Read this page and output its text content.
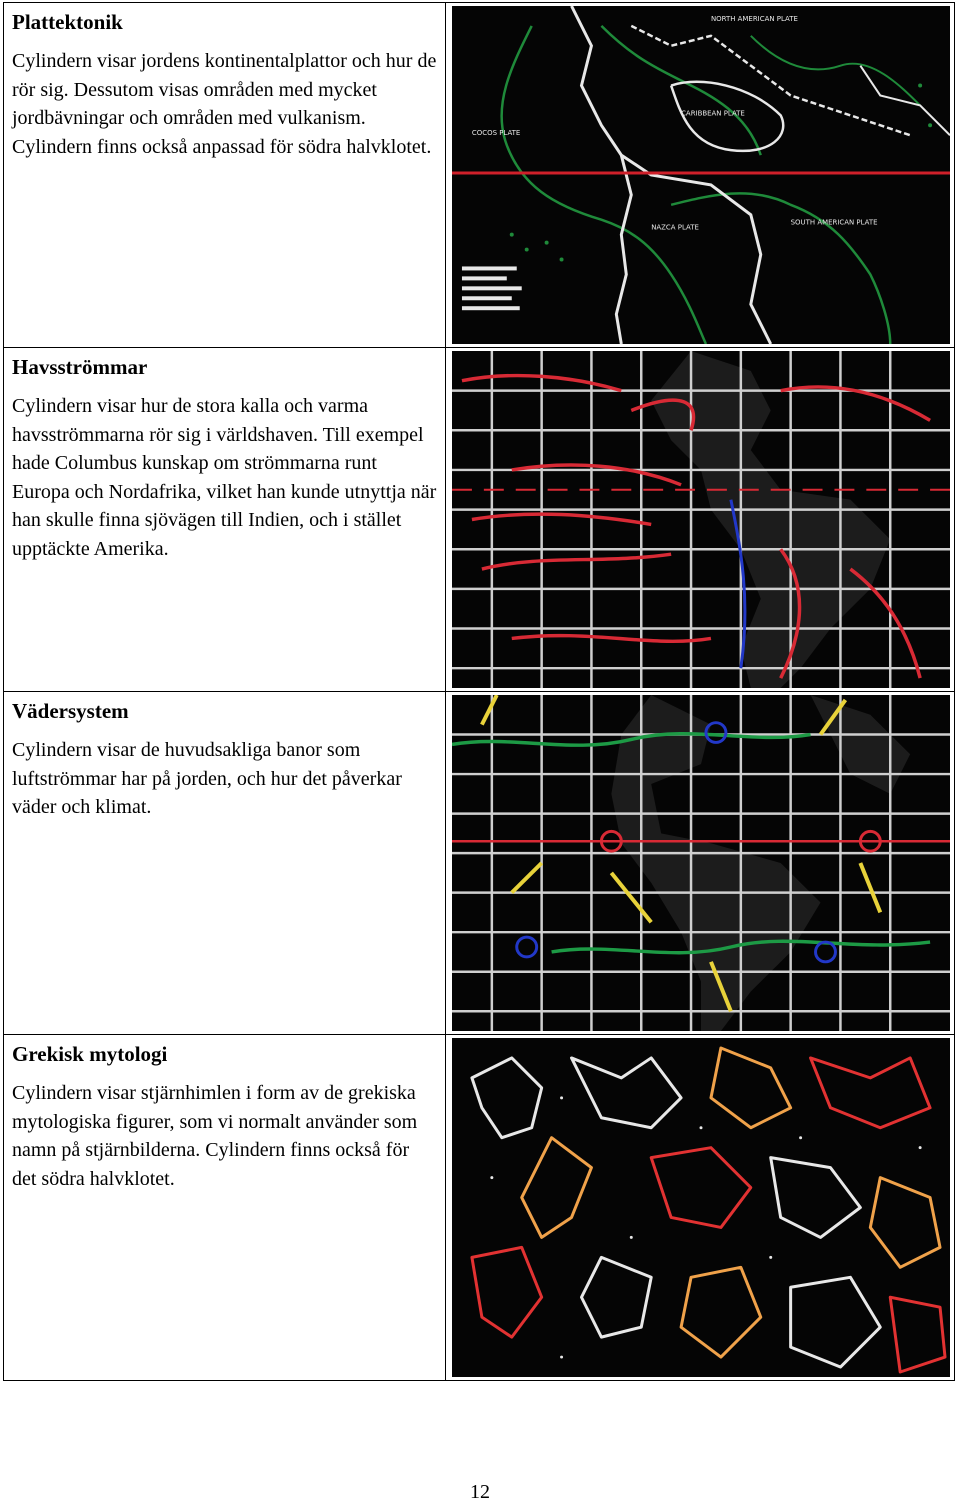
Plattektonik

Cylindern visar jordens kontinentalplattor och hur de rör sig. Dessutom visas områden med mycket jordbävningar och områden med vulkanism. Cylindern finns också anpassad för södra halvklotet.

NORTH AMERICAN PLATE
CARIBBEAN PLATE
COCOS PLATE
NAZCA PLATE
SOUTH AMERICAN PLATE
Havsströmmar

Cylindern visar hur de stora kalla och varma havsströmmarna rör sig i världshaven. Till exempel hade Columbus kunskap om strömmarna runt Europa och Nordafrika, vilket han kunde utnyttja när han skulle finna sjövägen till Indien, och i stället upptäckte Amerika.

Vädersystem

Cylindern visar de huvudsakliga banor som luftströmmar har på jorden, och hur det påverkar väder och klimat.

Grekisk mytologi

Cylindern visar stjärnhimlen i form av de grekiska mytologiska figurer, som vi normalt använder som namn på stjärnbilderna. Cylindern finns också för det södra halvklotet.

12
